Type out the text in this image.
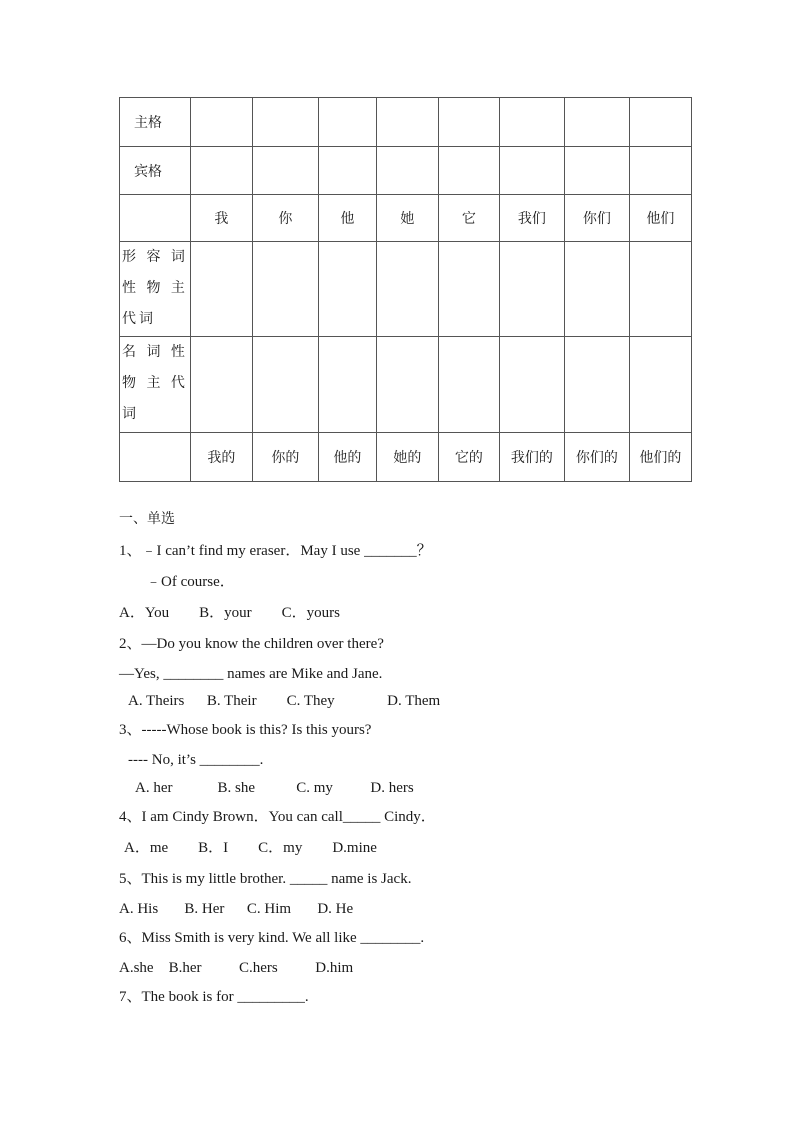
主格								
宾格								
	我	你	他	她	它	我们	你们	他们

形 容 词
性 物 主
代词								

名 词 性
物 主 代
词								

	我的	你的	他的	她的	它的	我们的	你们的	他们的
一、单选
1、﹣I can’t find my eraser．May I use _______？
﹣Of course．
A．You　　B．your　　C．yours
2、—Do you know the children over there?
—Yes, ________ names are Mike and Jane.
A. Theirs      B. Their        C. They              D. Them
3、-----Whose book is this? Is this yours?
---- No, it’s ________.
A. her            B. she           C. my          D. hers
4、I am Cindy Brown．You can call_____ Cindy．
A．me　　B．I　　C．my　　D.mine
5、This is my little brother. _____ name is Jack.
A. His       B. Her      C. Him       D. He
6、Miss Smith is very kind. We all like ________.
A.she    B.her          C.hers          D.him
7、The book is for _________.
